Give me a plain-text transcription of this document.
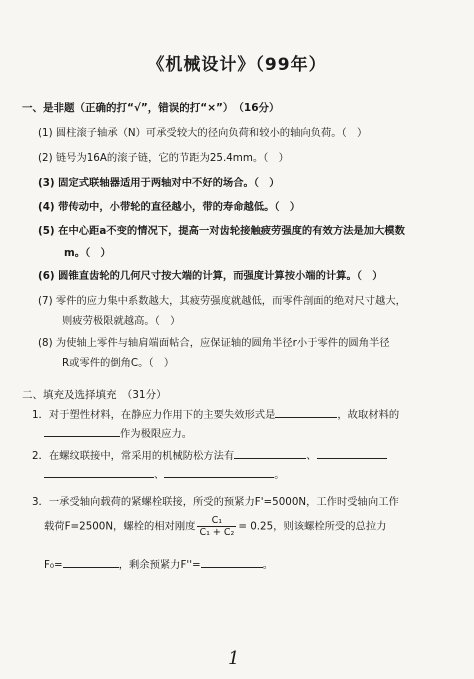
《机械设计》（99年）
一、是非题（正确的打“√”，错误的打“×”）　（16分）
(1) 圆柱滚子轴承（N）可承受较大的径向负荷和较小的轴向负荷。（　）
(2) 链号为16A的滚子链，它的节距为25.4mm。（　）
(3) 固定式联轴器适用于两轴对中不好的场合。（　）
(4) 带传动中，小带轮的直径越小，带的寿命越低。（　）
(5) 在中心距a不变的情况下，提高一对齿轮接触疲劳强度的有效方法是加大模数
m。（　）
(6) 圆锥直齿轮的几何尺寸按大端的计算，而强度计算按小端的计算。（　）
(7) 零件的应力集中系数越大，其疲劳强度就越低，而零件剖面的绝对尺寸越大，
则疲劳极限就越高。（　）
(8) 为使轴上零件与轴肩端面帖合，应保证轴的圆角半径r小于零件的圆角半径
R或零件的倒角C。（　）
二、填充及选择填充　（31分）
1．对于塑性材料，在静应力作用下的主要失效形式是	，故取材料的
作为极限应力。
2．在螺纹联接中，常采用的机械防松方法有	、
、	。
3．一承受轴向载荷的紧螺栓联接，所受的预紧力F'=5000N，工作时受轴向工作
载荷F=2500N，螺栓的相对刚度 $\frac{\text{C₁}}{\text{C₁ + C₂}} = 0.25$，则该螺栓所受的总拉力
F₀=	，剩余预紧力F''=	。
1
